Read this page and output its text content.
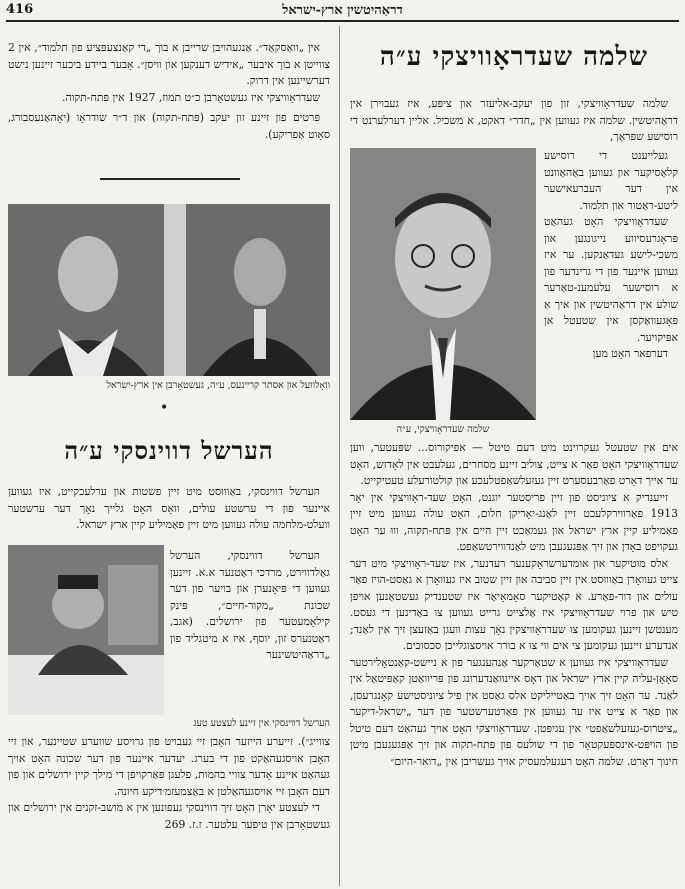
416	דראַהיטשין ארץ-ישראל

אין „וואַסקאַד״. אַנגעהויבן שרייבן א בוך „די קאַנצעפּציע פון תלמוד״, אין 2 צווייטן א בוך איבער „אידיש דענקען און וויסן״. אָבער ביידע ביכער זיינען נישט דערשיינען אין דרוק.

שעדראָוויצקי איז געשטאָרבן כ״ט תמוז, 1927 אין פּתח-תקוה.

פּרטים פון זיינע זון יעקב (פּתח-תקוה) און ד״ר שודראָו (יאָהאַנעסבורג, סאָוט אַפריקע).

וואָלוועל און אסתר קריינעס, ע״ה, געשטאָרבן אין ארץ-ישראל
•
הערשל דווינסקי ע״ה

הערשל דווינסקי, באַוווּסט מיט זיין פשטות און ערלעכקייט, איז געווען איינער פון די ערשטע עולים, וואָס האָט גלייך נאָך דער ערשטער וועלט-מלחמה עולה געווען מיט זיין פאַמיליע קיין ארץ ישראל.

הערשל דווינסקי, הערשל גאַלדווירט, מרדכי ראַטנער א.א. זיינען געווען די פּיאָנערן און בויער פון דער שכונת „מקור-חיים״, פּינק קילאָמעטער פון ירושלים. (אגב, ראַטנערס זון, יוסף, איז א מיטגליד פון „דראַהיטשינער

הערשל דווינסקי אין זיינע לעצטע טעג

צווייג״). זייערע הייזער האָבן זיי געבויט פון גרויסע שווערע שטיינער, און זיי האָבן אויסגעהאַקט פון די בערג. יעדער איינער פון דער שכונה האָט אויך געהאַט איינע אָדער צוויי בהמות, פלעגן פּאַרקויפן די מילך קיין ירושלים און פון דעם האָבן זיי אויסגעהאַלטן א באַצמעזמ׳דיקע חיונה.

די לעצטע יאָרן האָט זיך דווינסקי געפונען אין א מושב-זקנים אין ירושלים און געשטאָרבן אין טיפער עלטער. ז.ז. 269

שלמה שעדראָוויצקי ע״ה

שלמה שעדראָוויצקי, זון פון יעקב-אליעזר און ציפּע, איז געבוירן אין דראַהיטשין. שלמה איז געווען אין „חדר״ דאקט, א משכיל. אליין דערלערנט די רוסישע שפּראַך,

שלמה שעדראָוויצקי, ע״ה

געלייענט די רוסישע קלאַסיקער און געווען באַהאַוונט אין דער העברעאישער ליטע-ראַטור און תלמוד.

שעדראָוויצקי האָט געהאַט פּראָגרעסיווע נייגונגען און משכי-לישע געדאַנקען. ער איז געווען איינער פון די גרינדער פון א רוסישער עלעמענ-טאַרער שולע אין דראַהיטשין און איך אַ פּאָגעוואַקסן אין שטעטל אן אפּיקויער.

דערפאר האָט מען

אים אין שטעטל געקרוינט מיט דעם טיטל — אפּיקורוס... שפּעטער, ווען שעדראָוויצקי האָט פאַר א צייט, צוליב זיינע מסחרים, געלעבט אין לאָדזש, האָט ער אייך דאָרט פאַרבעסערט זיין געזעלשאַפטלעכע און קולטורעלע טעטיקייט.

זייענדיק א ציוניסט פון זיין פריסטער יוגנט, האָט שעד-ראָוויצקי אין יאָר 1913 פאַרווירקלעכט זיין לאַנג-יאָריקן חלום, האָט עולה געווען מיט זיין פאַמיליע קיין ארץ ישראל און געמאַכט זיין היים אין פּתח-תקוה, וווּ ער האָט געקויפט באָדן און זיך אַפּגעגעבן מיט לאַנדווירטשאַפט.

אלס מוטיקער און אומדערשראָקענער רעדנער, איז שעד-ראָוויצקי מיט דער צייט געוואָרן באַוווּסט אין זיין סביבה און זיין שטוב איז געוואָרן א גאַסט-הויז פאַר עולים און דור-פּאַרע. א קאַטיקער סאָמאָיאַר איז שטענדיק געשטאַנען אויפן טיש און פרוי שעדראָוויצקי איז אַלצייט גרייט געווען צו באַדינען די געסט. מענטשן זיינען געקומען צו שעדראָוויצקין נאָך עצות וועגן באַזעצן זיך אין לאַנד; אנדערע זיינען געקומען צי אים ווי צו א בורר אויסצוגלייכן סכסוכים.

שעדראָוויצקי איז געווען א שטאַרקער אַנהענגער פון א ניישט-קאַנטאָלירטער סאָאָן-עליה קיין ארץ ישראל און דאָס איינוואַנדערונג פון פּריוואַטן קאַפּיטאַל אין לאַנד. ער האָט זיך אויך באַטייליקט אלס גאַסט אין פיל ציוניסטישע קאָנגרעסן, און פאַר א צייט איז ער געווען אין פאַרטערשטער פון דער „ישראל-דיקער „ציטרוס-געזעלשאַפט״ אין עגיפּטן. שעדראָוויצקי האָט אויך געהאַט דעם טיטל פון הויפּט-אינספּעקטאָר פון די שולעס פון פּתח-תקוה און זיך אַפּגעגעבן מיטן חינוך דאָרט. שלמה האָט רעגעלמעסיק אויך געשריבן אין „דואר-היום״
